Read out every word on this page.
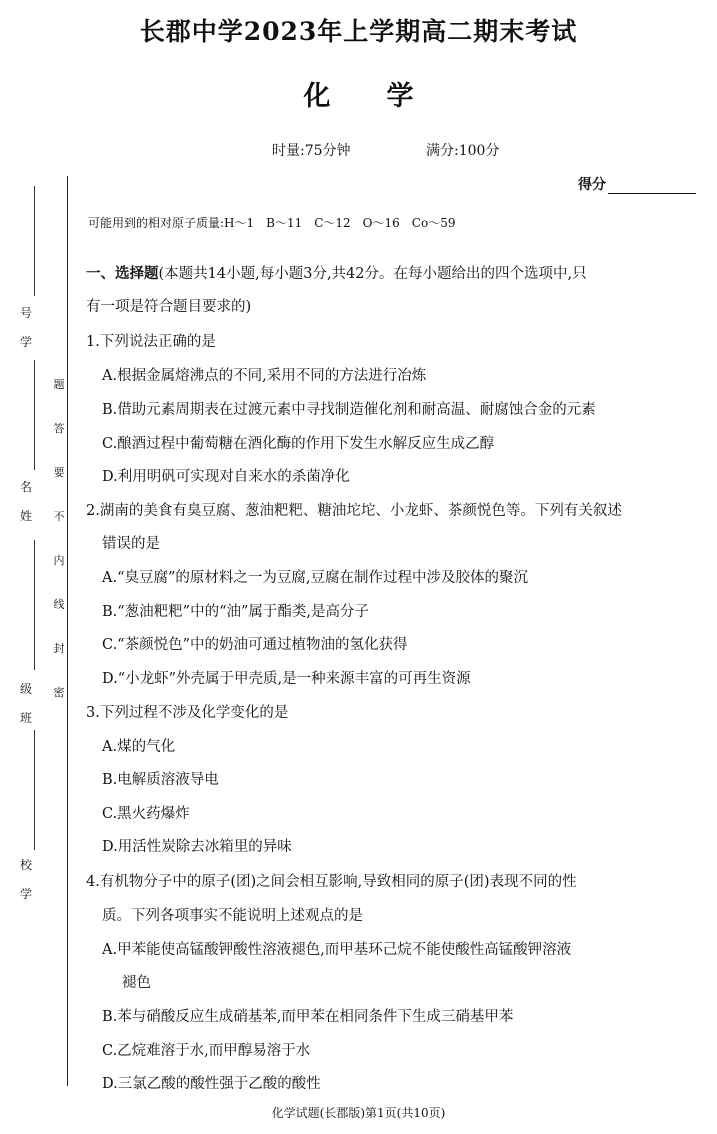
长郡中学2023年上学期高二期末考试
化学
时量:75分钟	满分:100分
得分
可能用到的相对原子质量:H～1　B～11　C～12　O～16　Co～59
号
学
名
姓
级
班
校
学
题
答
要
不
内
线
封
密
一、选择题(本题共14小题,每小题3分,共42分。在每小题给出的四个选项中,只
有一项是符合题目要求的)
1.下列说法正确的是
A.根据金属熔沸点的不同,采用不同的方法进行冶炼
B.借助元素周期表在过渡元素中寻找制造催化剂和耐高温、耐腐蚀合金的元素
C.酿酒过程中葡萄糖在酒化酶的作用下发生水解反应生成乙醇
D.利用明矾可实现对自来水的杀菌净化
2.湖南的美食有臭豆腐、葱油粑粑、糖油坨坨、小龙虾、茶颜悦色等。下列有关叙述
错误的是
A.“臭豆腐”的原材料之一为豆腐,豆腐在制作过程中涉及胶体的聚沉
B.“葱油粑粑”中的“油”属于酯类,是高分子
C.“茶颜悦色”中的奶油可通过植物油的氢化获得
D.“小龙虾”外壳属于甲壳质,是一种来源丰富的可再生资源
3.下列过程不涉及化学变化的是
A.煤的气化
B.电解质溶液导电
C.黑火药爆炸
D.用活性炭除去冰箱里的异味
4.有机物分子中的原子(团)之间会相互影响,导致相同的原子(团)表现不同的性
质。下列各项事实不能说明上述观点的是
A.甲苯能使高锰酸钾酸性溶液褪色,而甲基环己烷不能使酸性高锰酸钾溶液
褪色
B.苯与硝酸反应生成硝基苯,而甲苯在相同条件下生成三硝基甲苯
C.乙烷难溶于水,而甲醇易溶于水
D.三氯乙酸的酸性强于乙酸的酸性
化学试题(长郡版)第1页(共10页)
